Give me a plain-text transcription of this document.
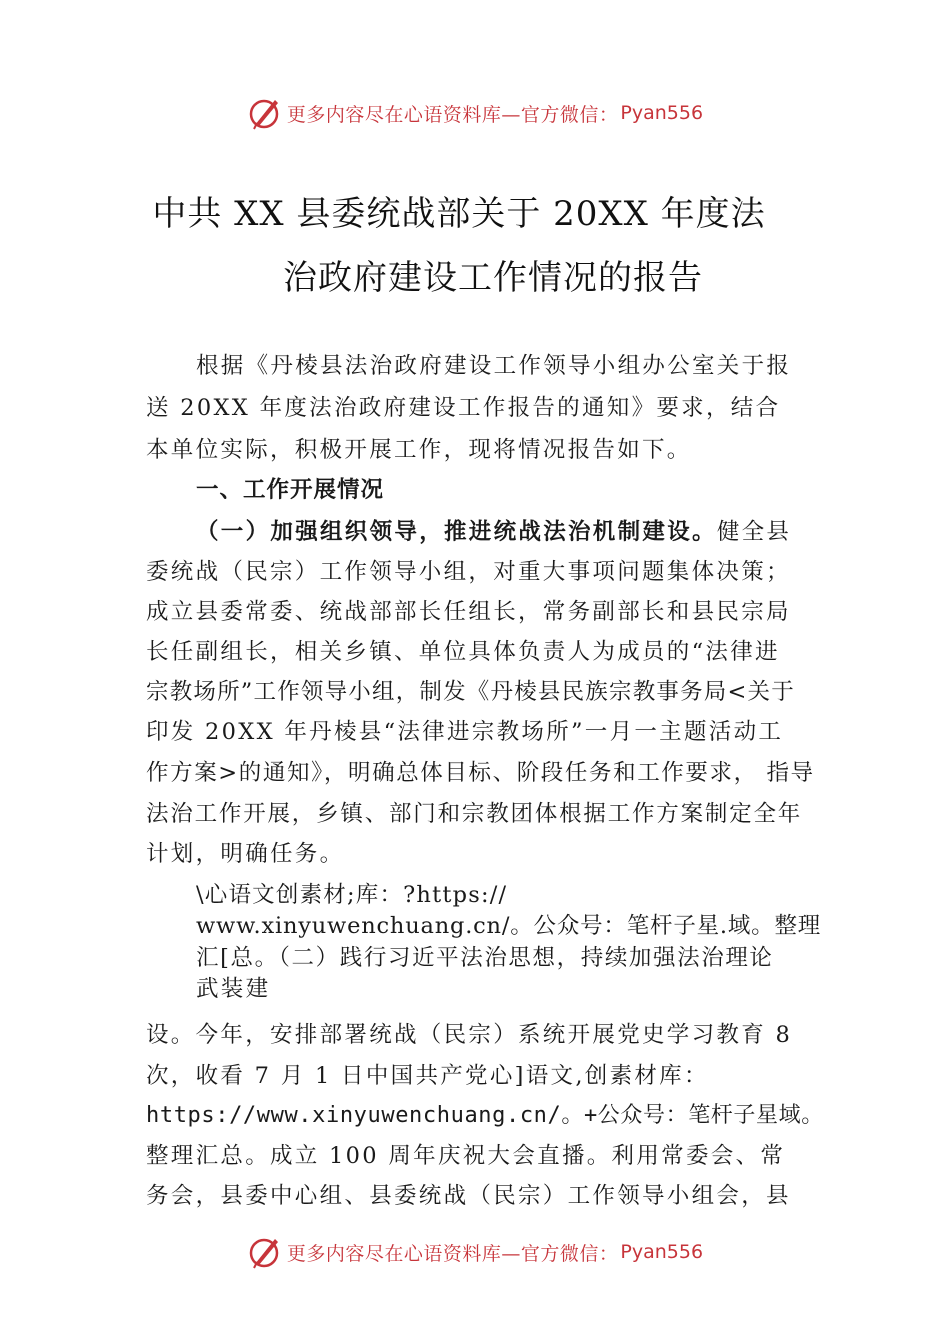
更多内容尽在心语资料库—官方微信： Pyan556
中共 XX 县委统战部关于 20XX 年度法
治政府建设工作情况的报告
根据《丹棱县法治政府建设工作领导小组办公室关于报
送 20XX 年度法治政府建设工作报告的通知》要求，结合
本单位实际，积极开展工作，现将情况报告如下。
一、工作开展情况
（一）加强组织领导，推进统战法治机制建设。健全县
委统战（民宗）工作领导小组，对重大事项问题集体决策；
成立县委常委、统战部部长任组长，常务副部长和县民宗局
长任副组长，相关乡镇、单位具体负责人为成员的“法律进
宗教场所”工作领导小组，制发《丹棱县民族宗教事务局<关于
印发 20XX 年丹棱县“法律进宗教场所”一月一主题活动工
作方案>的通知》，明确总体目标、阶段任务和工作要求， 指导
法治工作开展，乡镇、部门和宗教团体根据工作方案制定全年
计划，明确任务。
\心语文创素材;库：?https://
www.xinyuwenchuang.cn/。公众号：笔杆子星.域。整理
汇[总。（二）践行习近平法治思想，持续加强法治理论
武装建
设。今年，安排部署统战（民宗）系统开展党史学习教育 8
次，收看 7 月 1 日中国共产党心]语文,创素材库：
https://www.xinyuwenchuang.cn/。+公众号：笔杆子星域。
整理汇总。成立 100 周年庆祝大会直播。利用常委会、常
务会，县委中心组、县委统战（民宗）工作领导小组会，县
更多内容尽在心语资料库—官方微信： Pyan556
